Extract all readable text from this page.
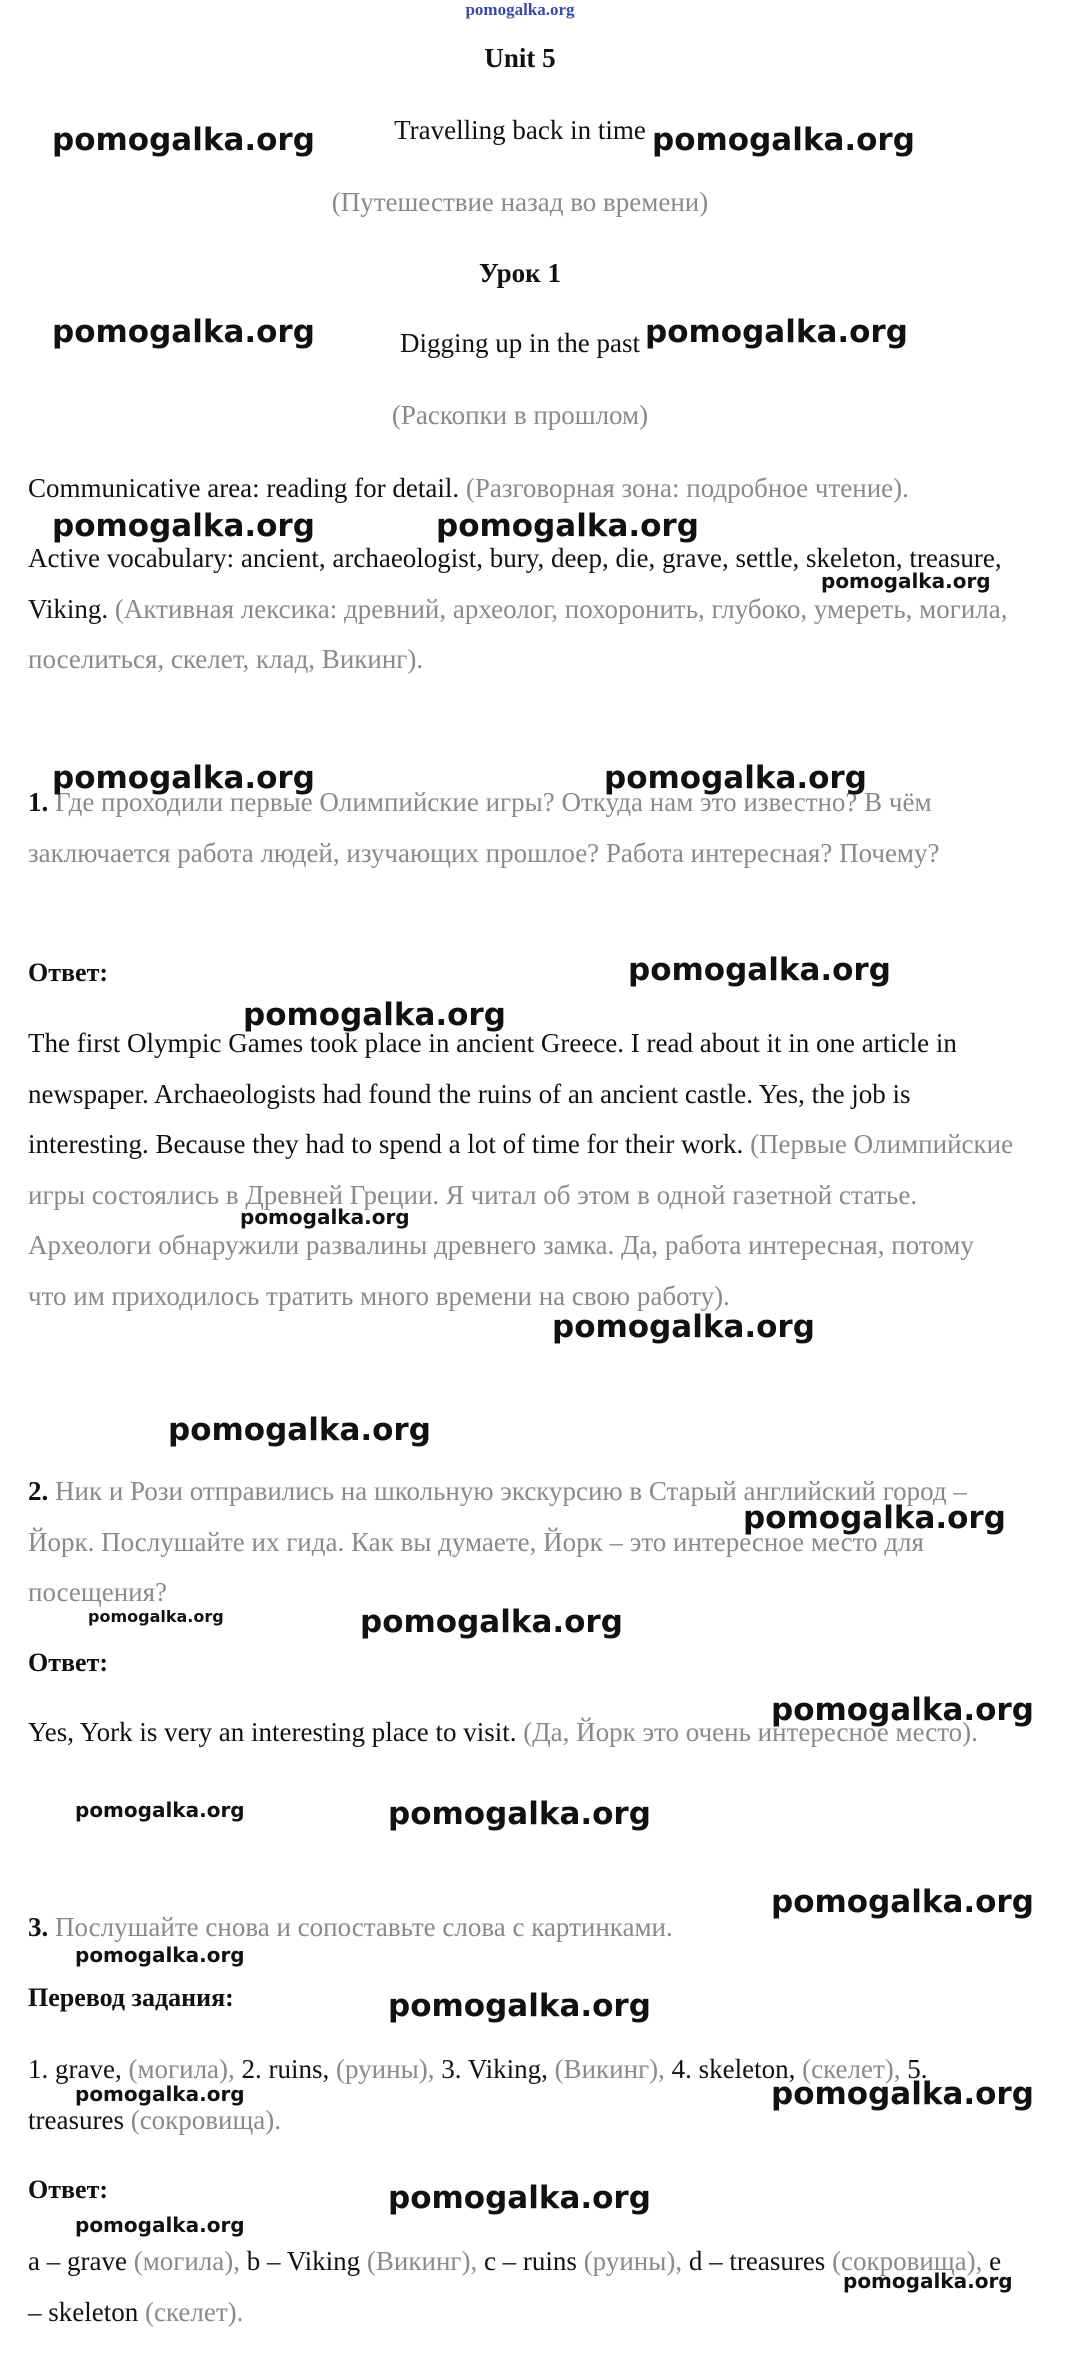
pomogalka.org
Unit 5
Travelling back in time
(Путешествие назад во времени)
Урок 1
Digging up in the past
(Раскопки в прошлом)
Communicative area: reading for detail. (Разговорная зона: подробное чтение).
Active vocabulary: ancient, archaeologist, bury, deep, die, grave, settle, skeleton, treasure, Viking. (Активная лексика: древний, археолог, похоронить, глубоко, умереть, могила, поселиться, скелет, клад, Викинг).
1. Где проходили первые Олимпийские игры? Откуда нам это известно? В чём заключается работа людей, изучающих прошлое? Работа интересная? Почему?
Ответ:
The first Olympic Games took place in ancient Greece. I read about it in one article in newspaper. Archaeologists had found the ruins of an ancient castle. Yes, the job is interesting. Because they had to spend a lot of time for their work. (Первые Олимпийские игры состоялись в Древней Греции. Я читал об этом в одной газетной статье. Археологи обнаружили развалины древнего замка. Да, работа интересная, потому что им приходилось тратить много времени на свою работу).
2. Ник и Рози отправились на школьную экскурсию в Старый английский город – Йорк. Послушайте их гида. Как вы думаете, Йорк – это интересное место для посещения?
Ответ:
Yes, York is very an interesting place to visit. (Да, Йорк это очень интересное место).
3. Послушайте снова и сопоставьте слова с картинками.
Перевод задания:
1. grave, (могила), 2. ruins, (руины), 3. Viking, (Викинг), 4. skeleton, (скелет), 5. treasures (сокровища).
Ответ:
a – grave (могила), b – Viking (Викинг), c – ruins (руины), d – treasures (сокровища), e – skeleton (скелет).
pomogalka.org	pomogalka.org
pomogalka.org	pomogalka.org
pomogalka.org	pomogalka.org
pomogalka.org
pomogalka.org	pomogalka.org
pomogalka.org
pomogalka.org
pomogalka.org
pomogalka.org
pomogalka.org
pomogalka.org
pomogalka.org	pomogalka.org
pomogalka.org
pomogalka.org	pomogalka.org
pomogalka.org
pomogalka.org
pomogalka.org
pomogalka.org	pomogalka.org
pomogalka.org
pomogalka.org
pomogalka.org
